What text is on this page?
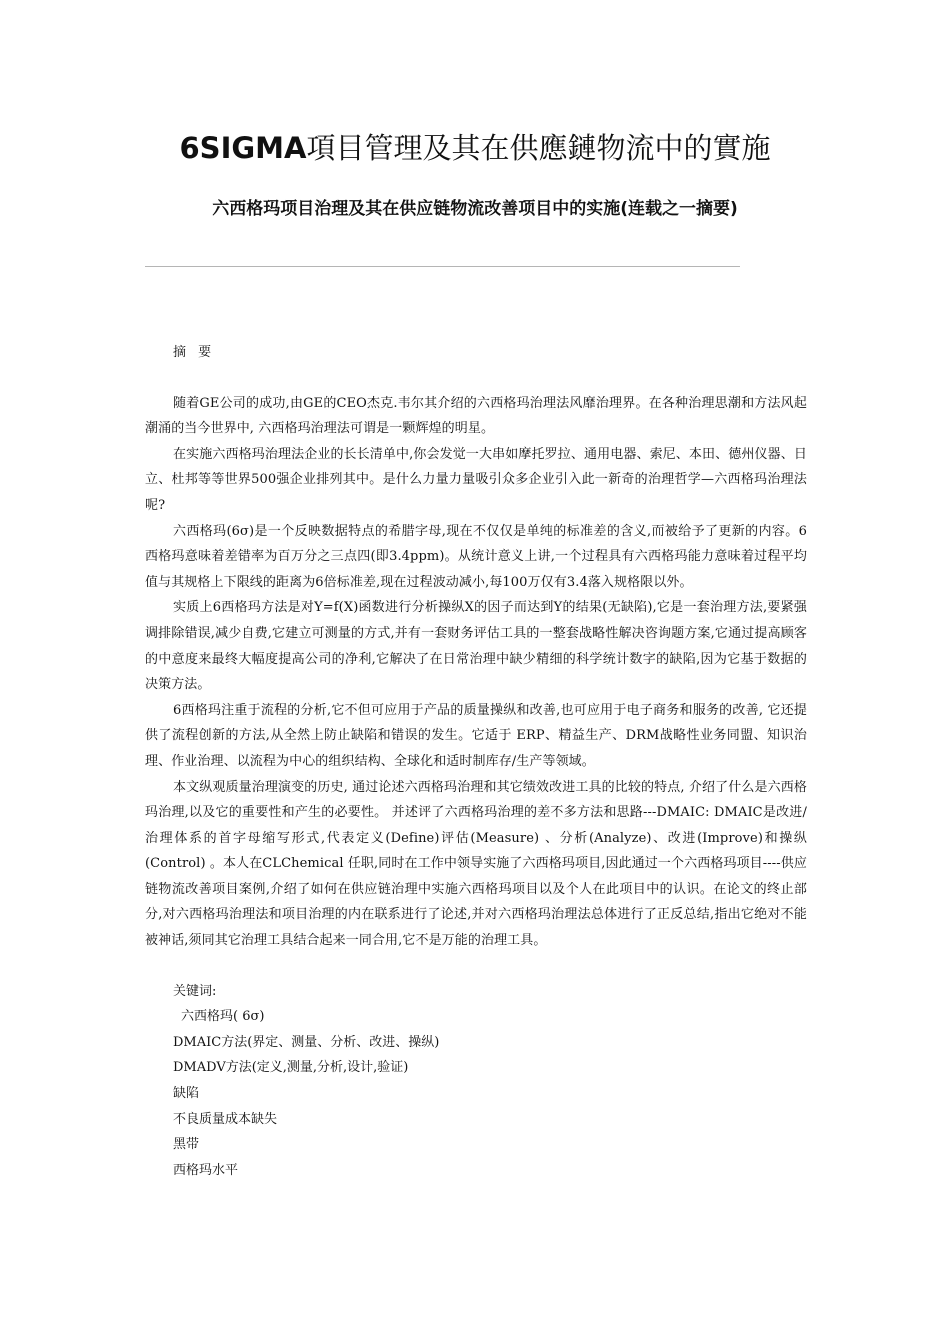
6SIGMA項目管理及其在供應鏈物流中的實施
六西格玛项目治理及其在供应链物流改善项目中的实施(连载之一摘要)

摘 要

随着GE公司的成功,由GE的CEO杰克.韦尔其介绍的六西格玛治理法风靡治理界。在各种治理思潮和方法风起潮涌的当今世界中, 六西格玛治理法可谓是一颗辉煌的明星。

在实施六西格玛治理法企业的长长清单中,你会发觉一大串如摩托罗拉、通用电器、索尼、本田、德州仪器、日立、杜邦等等世界500强企业排列其中。是什么力量力量吸引众多企业引入此一新奇的治理哲学—六西格玛治理法呢?

六西格玛(6σ)是一个反映数据特点的希腊字母,现在不仅仅是单纯的标准差的含义,而被给予了更新的内容。6西格玛意味着差错率为百万分之三点四(即3.4ppm)。从统计意义上讲,一个过程具有六西格玛能力意味着过程平均值与其规格上下限线的距离为6倍标准差,现在过程波动减小,每100万仅有3.4落入规格限以外。

实质上6西格玛方法是对Y=f(X)函数进行分析操纵X的因子而达到Y的结果(无缺陷),它是一套治理方法,要紧强调排除错误,减少自费,它建立可测量的方式,并有一套财务评估工具的一整套战略性解决咨询题方案,它通过提高顾客的中意度来最终大幅度提高公司的净利,它解决了在日常治理中缺少精细的科学统计数字的缺陷,因为它基于数据的决策方法。

6西格玛注重于流程的分析,它不但可应用于产品的质量操纵和改善,也可应用于电子商务和服务的改善, 它还提供了流程创新的方法,从全然上防止缺陷和错误的发生。它适于 ERP、精益生产、DRM战略性业务同盟、知识治理、作业治理、以流程为中心的组织结构、全球化和适时制库存/生产等领域。

本文纵观质量治理演变的历史, 通过论述六西格玛治理和其它绩效改进工具的比较的特点, 介绍了什么是六西格玛治理,以及它的重要性和产生的必要性。 并述评了六西格玛治理的差不多方法和思路---DMAIC: DMAIC是改进/治理体系的首字母缩写形式,代表定义(Define)评估(Measure) 、分析(Analyze)、改进(Improve)和操纵(Control) 。本人在CLChemical 任职,同时在工作中领导实施了六西格玛项目,因此通过一个六西格玛项目----供应链物流改善项目案例,介绍了如何在供应链治理中实施六西格玛项目以及个人在此项目中的认识。在论文的终止部分,对六西格玛治理法和项目治理的内在联系进行了论述,并对六西格玛治理法总体进行了正反总结,指出它绝对不能被神话,须同其它治理工具结合起来一同合用,它不是万能的治理工具。

关键词:

六西格玛( 6σ)
DMAIC方法(界定、测量、分析、改进、操纵)
DMADV方法(定义,测量,分析,设计,验证)
缺陷
不良质量成本缺失
黑带
西格玛水平
